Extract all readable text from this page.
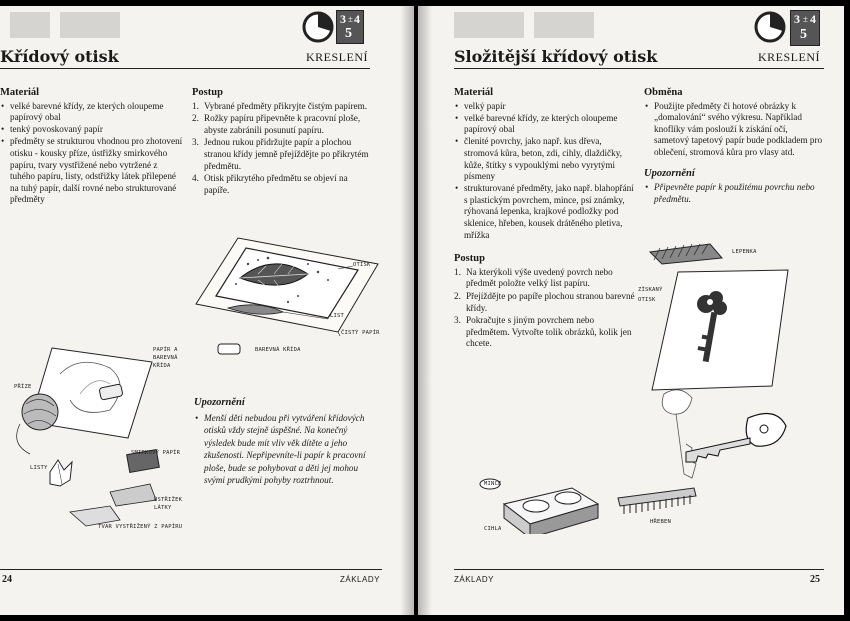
3 ± 4
5
Křídový otisk	KRESLENÍ
Materiál
• velké barevné křídy, ze kterých oloupeme papírový obal
• tenký povoskovaný papír
• předměty se strukturou vhodnou pro zhotovení otisku - kousky příze, ústřižky smirkového papíru, tvary vystřižené nebo vytržené z tuhého papíru, listy, odstřižky látek přilepené na tuhý papír, další rovné nebo strukturované předměty
Postup
1. Vybrané předměty přikryjte čistým papírem.
2. Rožky papíru připevněte k pracovní ploše, abyste zabránili posunutí papíru.
3. Jednou rukou přidržujte papír a plochou stranou křídy jemně přejíždějte po přikrytém předmětu.
4. Otisk přikrytého předmětu se objeví na papíře.
OTISK
LIST
ČISTÝ PAPÍR
BAREVNÁ KŘÍDA
PAPÍR A
BAREVNÁ
KŘÍDA
PŘÍZE
SMIRKOVÝ PAPÍR
LISTY
ÚSTŘIŽEK
LÁTKY
TVAR VYSTŘIŽENÝ Z PAPÍRU
Upozornění
• Menší děti nebudou při vytváření křídových otisků vždy stejně úspěšné. Na konečný výsledek bude mít vliv věk dítěte a jeho zkušenosti. Nepřipevníte-li papír k pracovní ploše, bude se pohybovat a děti jej mohou svými prudkými pohyby roztrhnout.
24	ZÁKLADY
3 ± 4
5
Složitější křídový otisk	KRESLENÍ
Materiál
• velký papír
• velké barevné křídy, ze kterých oloupeme papírový obal
• členité povrchy, jako např. kus dřeva, stromová kůra, beton, zdi, cihly, dlaždičky, kůže, štítky s vypouklými nebo vyrytými písmeny
• strukturované předměty, jako např. blahopřání s plastickým povrchem, mince, psí známky, rýhovaná lepenka, krajkové podložky pod sklenice, hřeben, kousek drátěného pletiva, mřížka
Postup
1. Na kterýkoli výše uvedený povrch nebo předmět položte velký list papíru.
2. Přejíždějte po papíře plochou stranou barevné křídy.
3. Pokračujte s jiným povrchem nebo předmětem. Vytvořte tolik obrázků, kolik jen chcete.
Obměna
• Použijte předměty či hotové obrázky k „domalování“ svého výkresu. Například knoflíky vám poslouží k získání očí, sametový tapetový papír bude podkladem pro oblečení, stromová kůra pro vlasy atd.
Upozornění
• Připevněte papír k použitému povrchu nebo předmětu.
LEPENKA
ZÍSKANÝ
OTISK
MINCE
CIHLA
HŘEBEN
ZÁKLADY	25
